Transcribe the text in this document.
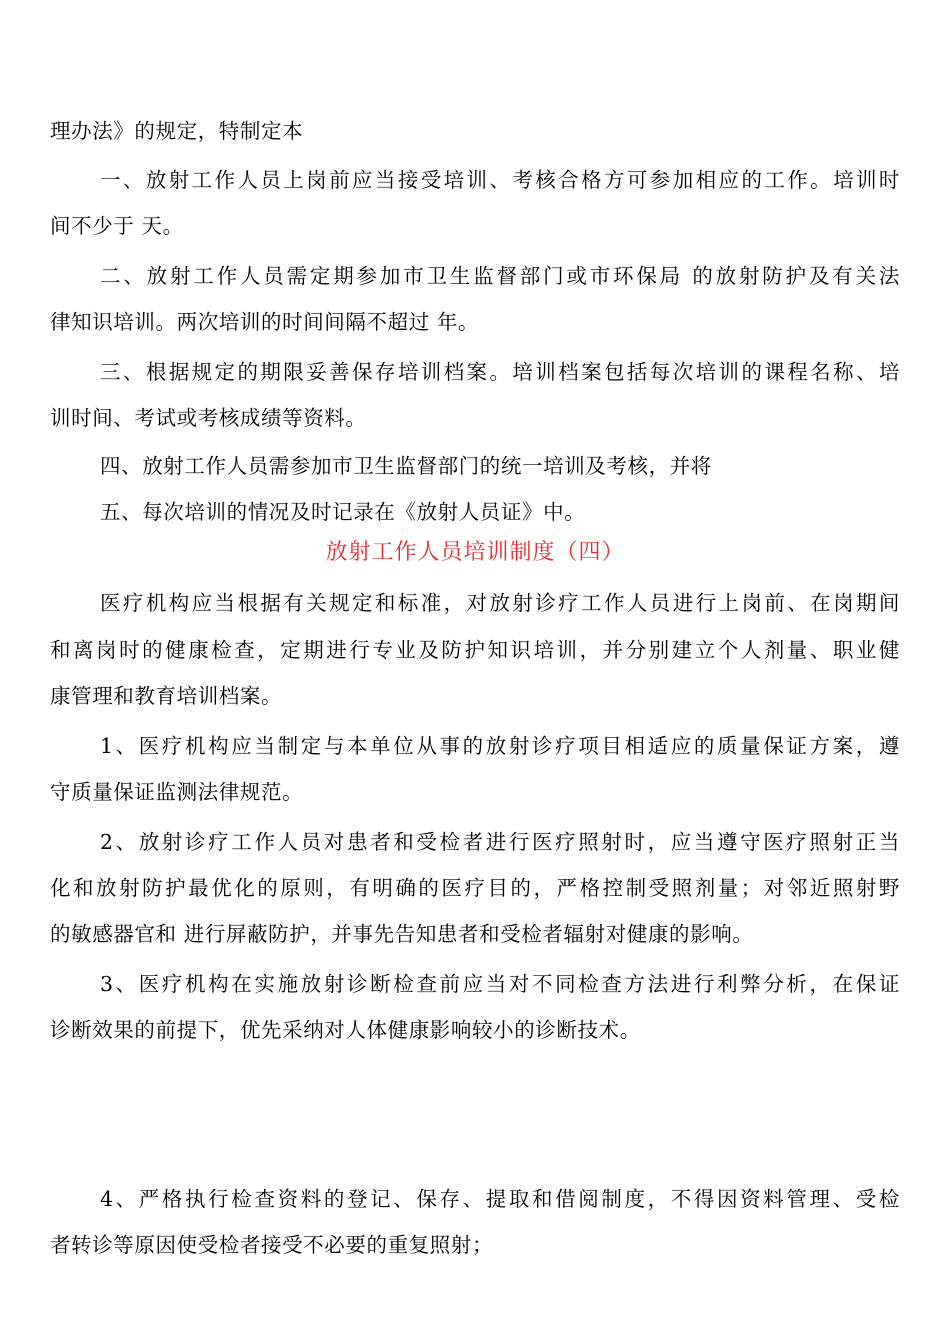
理办法》的规定，特制定本
一、放射工作人员上岗前应当接受培训、考核合格方可参加相应的工作。培训时
间不少于 天。
二、放射工作人员需定期参加市卫生监督部门或市环保局 的放射防护及有关法
律知识培训。两次培训的时间间隔不超过 年。
三、根据规定的期限妥善保存培训档案。培训档案包括每次培训的课程名称、培
训时间、考试或考核成绩等资料。
四、放射工作人员需参加市卫生监督部门的统一培训及考核，并将
五、每次培训的情况及时记录在《放射人员证》中。
放射工作人员培训制度（四）
医疗机构应当根据有关规定和标准，对放射诊疗工作人员进行上岗前、在岗期间
和离岗时的健康检查，定期进行专业及防护知识培训，并分别建立个人剂量、职业健
康管理和教育培训档案。
1、医疗机构应当制定与本单位从事的放射诊疗项目相适应的质量保证方案，遵
守质量保证监测法律规范。
2、放射诊疗工作人员对患者和受检者进行医疗照射时，应当遵守医疗照射正当
化和放射防护最优化的原则，有明确的医疗目的，严格控制受照剂量；对邻近照射野
的敏感器官和 进行屏蔽防护，并事先告知患者和受检者辐射对健康的影响。
3、医疗机构在实施放射诊断检查前应当对不同检查方法进行利弊分析，在保证
诊断效果的前提下，优先采纳对人体健康影响较小的诊断技术。
4、严格执行检查资料的登记、保存、提取和借阅制度，不得因资料管理、受检
者转诊等原因使受检者接受不必要的重复照射；
